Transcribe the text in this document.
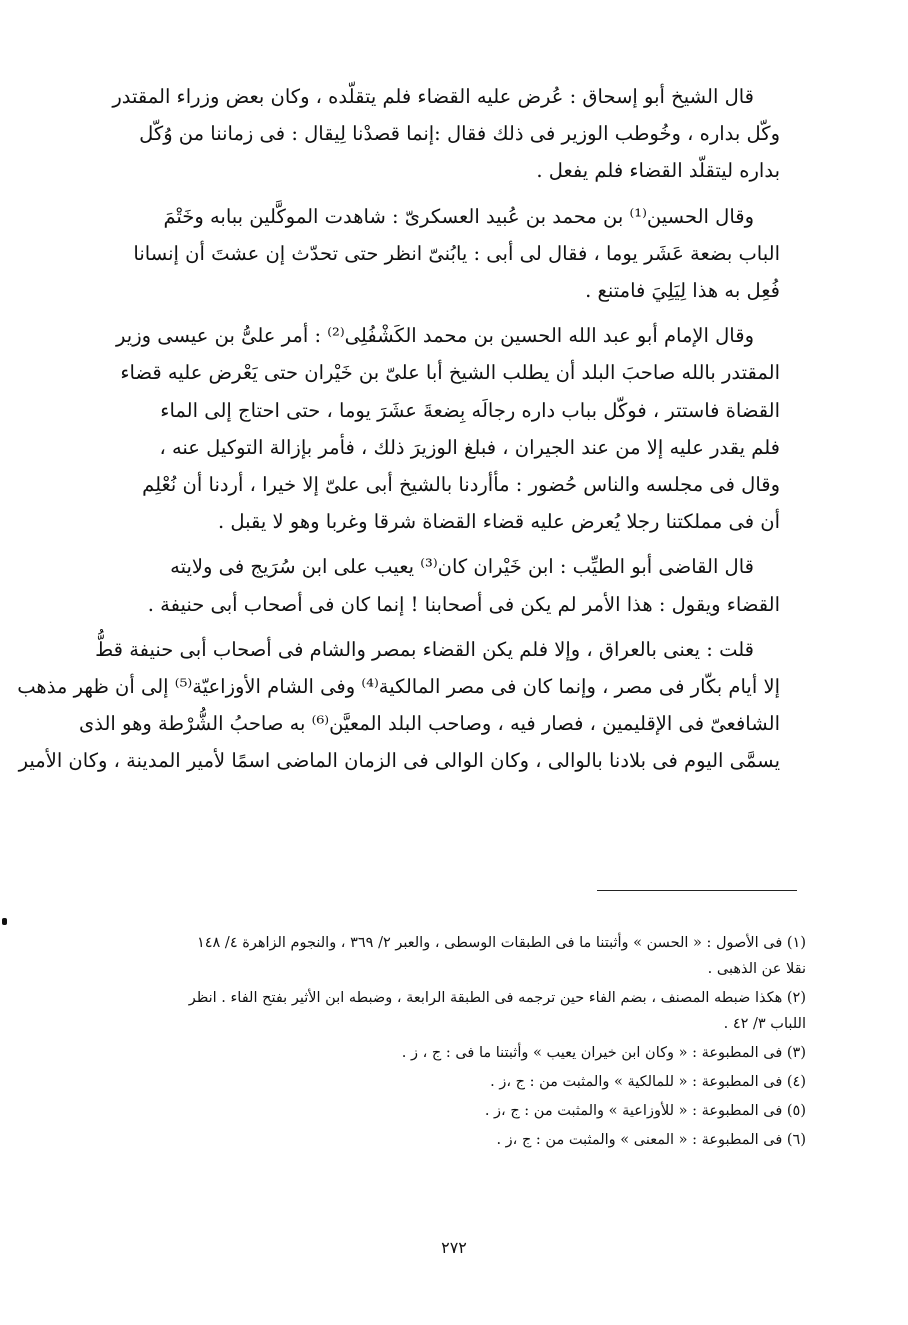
قال الشيخ أبو إسحاق : عُرض عليه القضاء فلم يتقلّده ، وكان بعض وزراء المقتدر
وكّل بداره ، وخُوطب الوزير فى ذلك فقال :إنما قصدْنا لِيقال : فى زماننا من وُكّل
بداره ليتقلّد القضاء فلم يفعل .

وقال الحسين⁽¹⁾ بن محمد بن عُبيد العسكرىّ : شاهدت الموكَّلين ببابه وخَتْمَ
الباب بضعة عَشَر يوما ، فقال لى أبى : يابُنىّ انظر حتى تحدّث إن عشتَ أن إنسانا
فُعِل به هذا لِيَلِيَ فامتنع .

وقال الإمام أبو عبد الله الحسين بن محمد الكَشْفُلِى⁽²⁾ : أمر علىُّ بن عيسى وزير
المقتدر بالله صاحبَ البلد أن يطلب الشيخ أبا علىّ بن خَيْران حتى يَعْرض عليه قضاء
القضاة فاستتر ، فوكّل بباب داره رجالَه بِضعةَ عشَرَ يوما ، حتى احتاج إلى الماء
فلم يقدر عليه إلا من عند الجيران ، فبلغ الوزيرَ ذلك ، فأمر بإزالة التوكيل عنه ،
وقال فى مجلسه والناس حُضور : مأأردنا بالشيخ أبى علىّ إلا خيرا ، أردنا أن نُعْلِم
أن فى مملكتنا رجلا يُعرض عليه قضاء القضاة شرقا وغربا وهو لا يقبل .

قال القاضى أبو الطيِّب : ابن خَيْران كان⁽³⁾ يعيب على ابن سُرَيج فى ولايته
القضاء ويقول : هذا الأمر لم يكن فى أصحابنا ! إنما كان فى أصحاب أبى حنيفة .

قلت : يعنى بالعراق ، وإلا فلم يكن القضاء بمصر والشام فى أصحاب أبى حنيفة قطُّ
إلا أيام بكّار فى مصر ، وإنما كان فى مصر المالكية⁽⁴⁾ وفى الشام الأوزاعيّة⁽⁵⁾ إلى أن ظهر مذهب
الشافعىّ فى الإقليمين ، فصار فيه ، وصاحب البلد المعيَّن⁽⁶⁾ به صاحبُ الشُّرْطة وهو الذى
يسمَّى اليوم فى بلادنا بالوالى ، وكان الوالى فى الزمان الماضى اسمًا لأمير المدينة ، وكان الأمير

(١) فى الأصول : « الحسن » وأثبتنا ما فى الطبقات الوسطى ، والعبر ٢/ ٣٦٩ ، والنجوم الزاهرة ٤/ ١٤٨
نقلا عن الذهبى .
(٢) هكذا ضبطه المصنف ، بضم الفاء حين ترجمه فى الطبقة الرابعة ، وضبطه ابن الأثير بفتح الفاء . انظر
اللباب ٣/ ٤٢ .
(٣) فى المطبوعة : « وكان ابن خيران يعيب » وأثبتنا ما فى : ج ، ز .
(٤) فى المطبوعة : « للمالكية » والمثبت من : ج ،ز .
(٥) فى المطبوعة : « للأوزاعية » والمثبت من : ج ،ز .
(٦) فى المطبوعة : « المعنى » والمثبت من : ج ،ز .
٢٧٢
